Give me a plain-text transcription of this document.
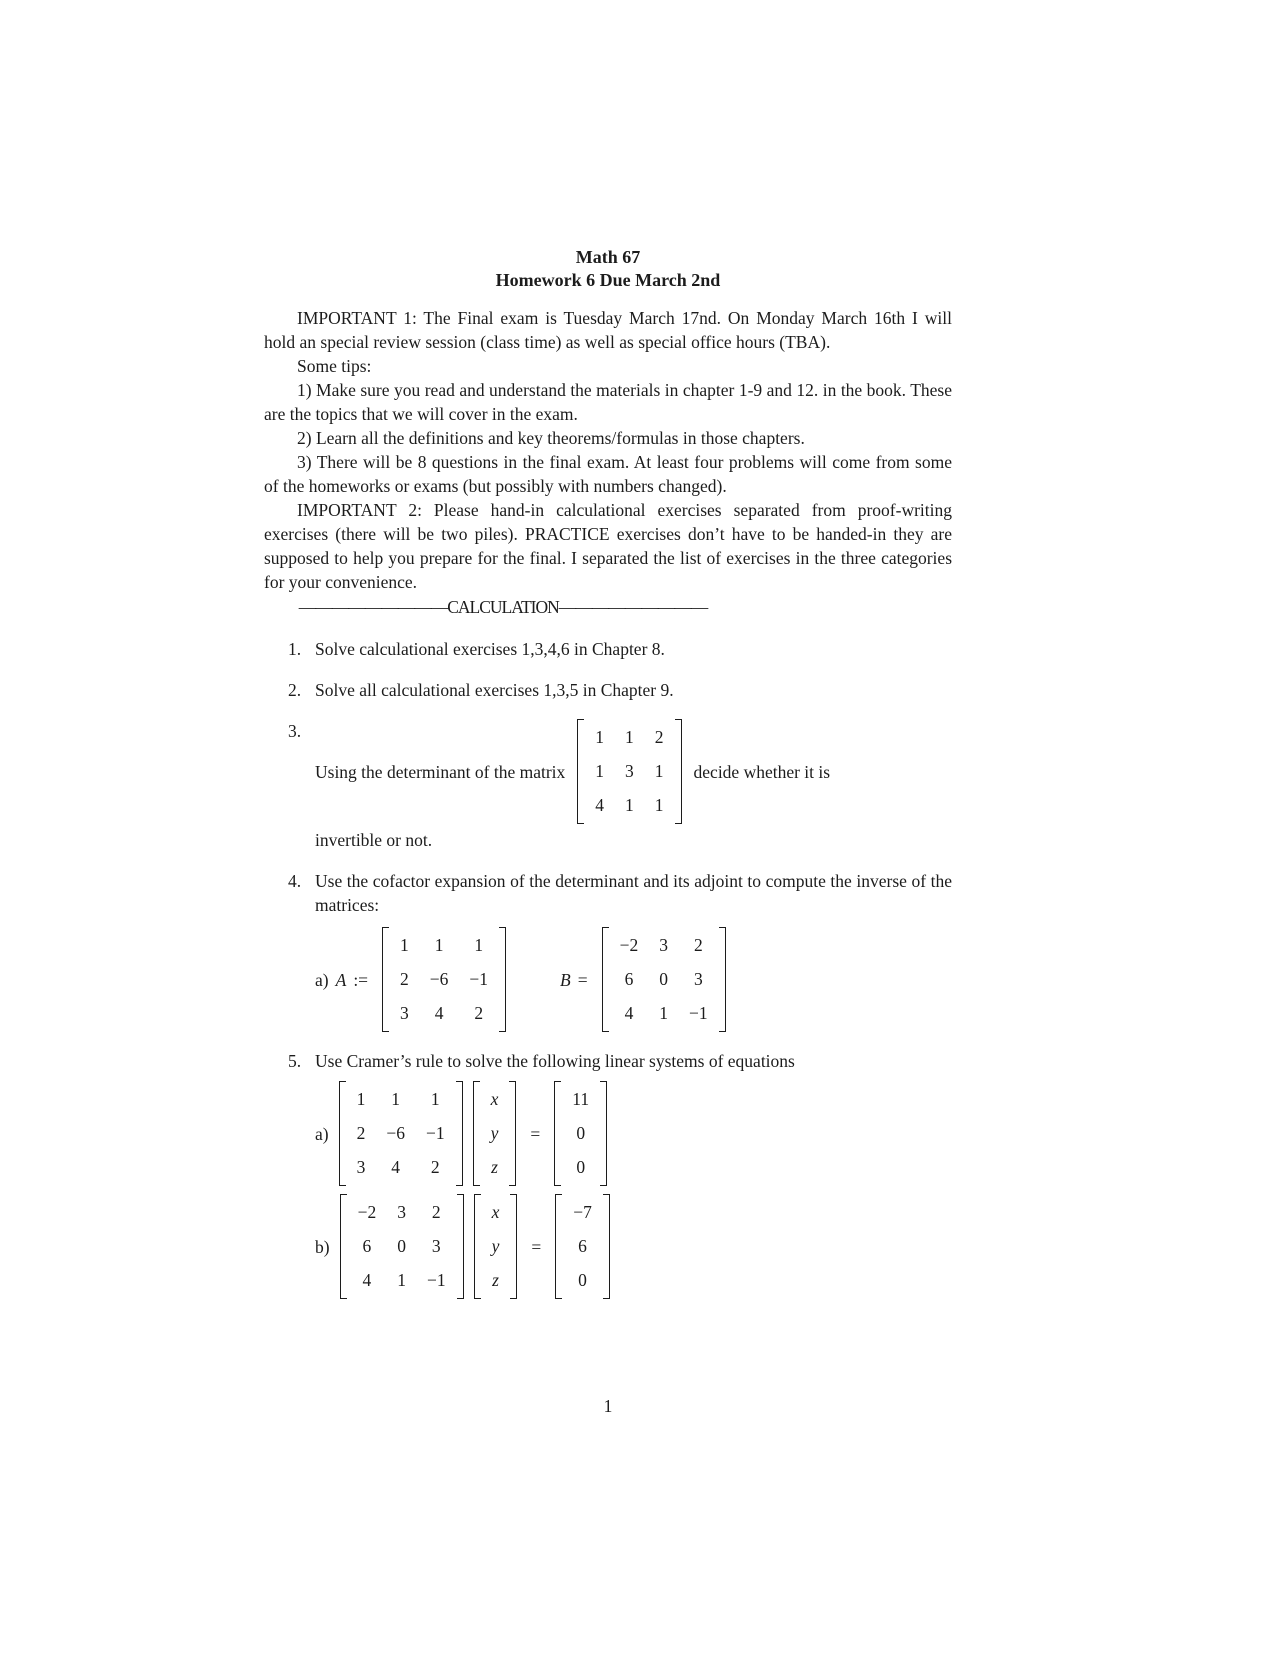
Math 67
Homework 6 Due March 2nd

IMPORTANT 1: The Final exam is Tuesday March 17nd. On Monday March 16th I will hold an special review session (class time) as well as special office hours (TBA).

Some tips:

1) Make sure you read and understand the materials in chapter 1-9 and 12. in the book. These are the topics that we will cover in the exam.

2) Learn all the definitions and key theorems/formulas in those chapters.

3) There will be 8 questions in the final exam. At least four problems will come from some of the homeworks or exams (but possibly with numbers changed).

IMPORTANT 2: Please hand-in calculational exercises separated from proof-writing exercises (there will be two piles). PRACTICE exercises don’t have to be handed-in they are supposed to help you prepare for the final. I separated the list of exercises in the three categories for your convenience.

—————————CALCULATION—————————
1. Solve calculational exercises 1,3,4,6 in Chapter 8.
2. Solve all calculational exercises 1,3,5 in Chapter 9.
3.
Using the determinant of the matrix
1 1 2
1 3 1
4 1 1
decide whether it is
invertible or not.
4. Use the cofactor expansion of the determinant and its adjoint to compute the inverse of the matrices:

a) A :=
1 1 1
2 −6 −1
3 4 2
B =
−2 3 2
6 0 3
4 1 −1
5. Use Cramer’s rule to solve the following linear systems of equations

a)
1 1 1
2 −6 −1
3 4 2
x
y
z
=
11
0
0
b)
−2 3 2
6 0 3
4 1 −1
x
y
z
=
−7
6
0
1
